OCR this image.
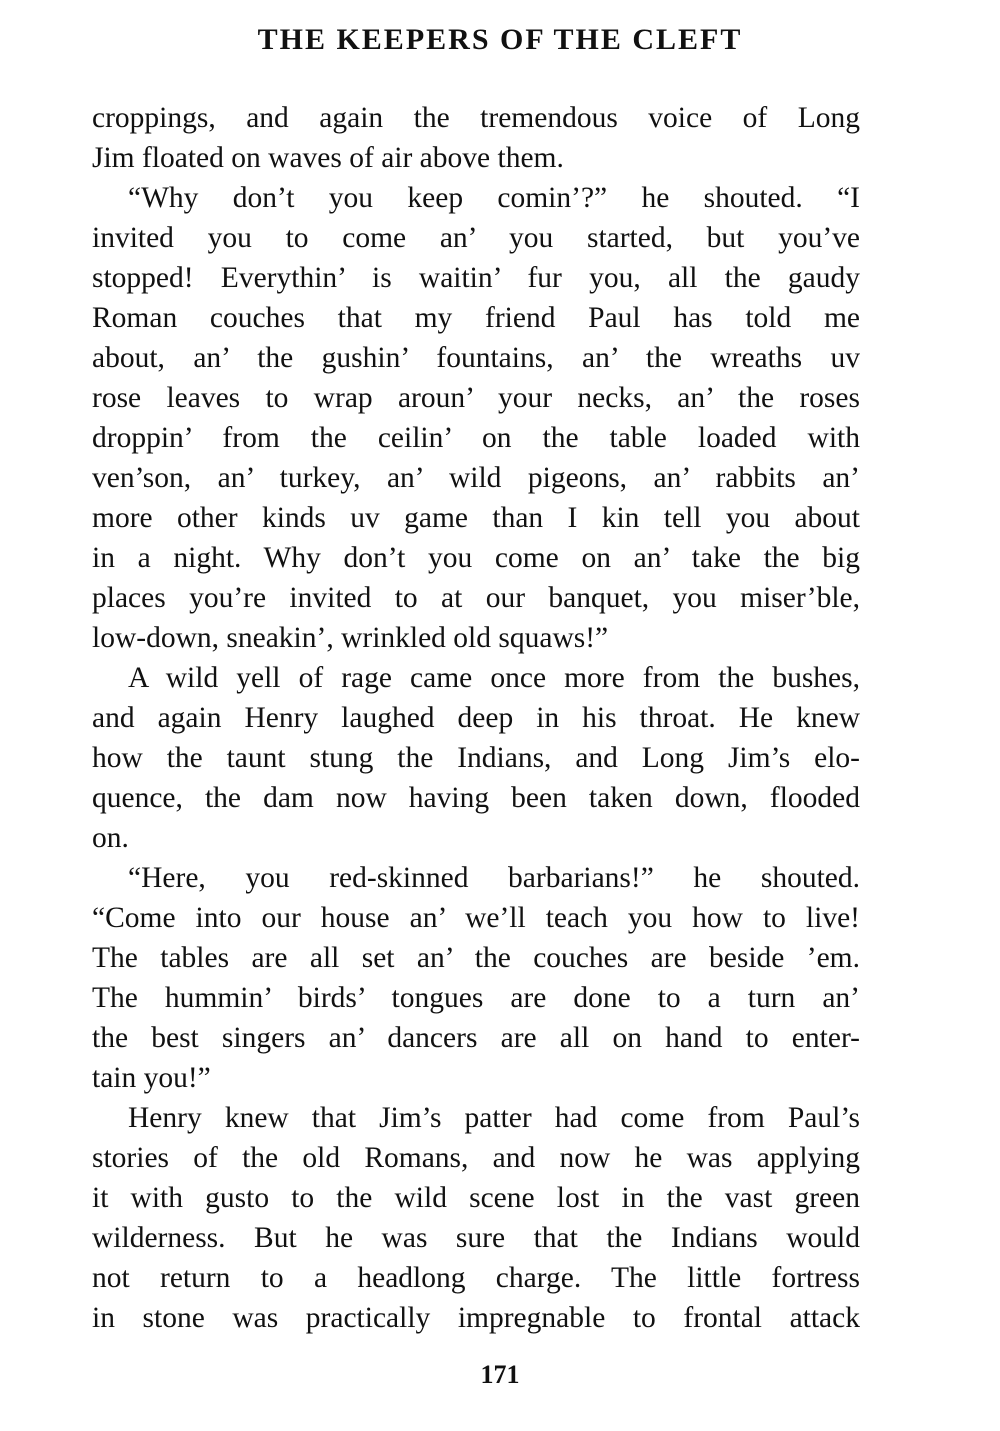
THE KEEPERS OF THE CLEFT
croppings, and again the tremendous voice of Long
Jim floated on waves of air above them.
“Why don’t you keep comin’?” he shouted. “I
invited you to come an’ you started, but you’ve
stopped! Everythin’ is waitin’ fur you, all the gaudy
Roman couches that my friend Paul has told me
about, an’ the gushin’ fountains, an’ the wreaths uv
rose leaves to wrap aroun’ your necks, an’ the roses
droppin’ from the ceilin’ on the table loaded with
ven’son, an’ turkey, an’ wild pigeons, an’ rabbits an’
more other kinds uv game than I kin tell you about
in a night. Why don’t you come on an’ take the big
places you’re invited to at our banquet, you miser’ble,
low-down, sneakin’, wrinkled old squaws!”
A wild yell of rage came once more from the bushes,
and again Henry laughed deep in his throat. He knew
how the taunt stung the Indians, and Long Jim’s elo-
quence, the dam now having been taken down, flooded
on.
“Here, you red-skinned barbarians!” he shouted.
“Come into our house an’ we’ll teach you how to live!
The tables are all set an’ the couches are beside ’em.
The hummin’ birds’ tongues are done to a turn an’
the best singers an’ dancers are all on hand to enter-
tain you!”
Henry knew that Jim’s patter had come from Paul’s
stories of the old Romans, and now he was applying
it with gusto to the wild scene lost in the vast green
wilderness. But he was sure that the Indians would
not return to a headlong charge. The little fortress
in stone was practically impregnable to frontal attack
171
